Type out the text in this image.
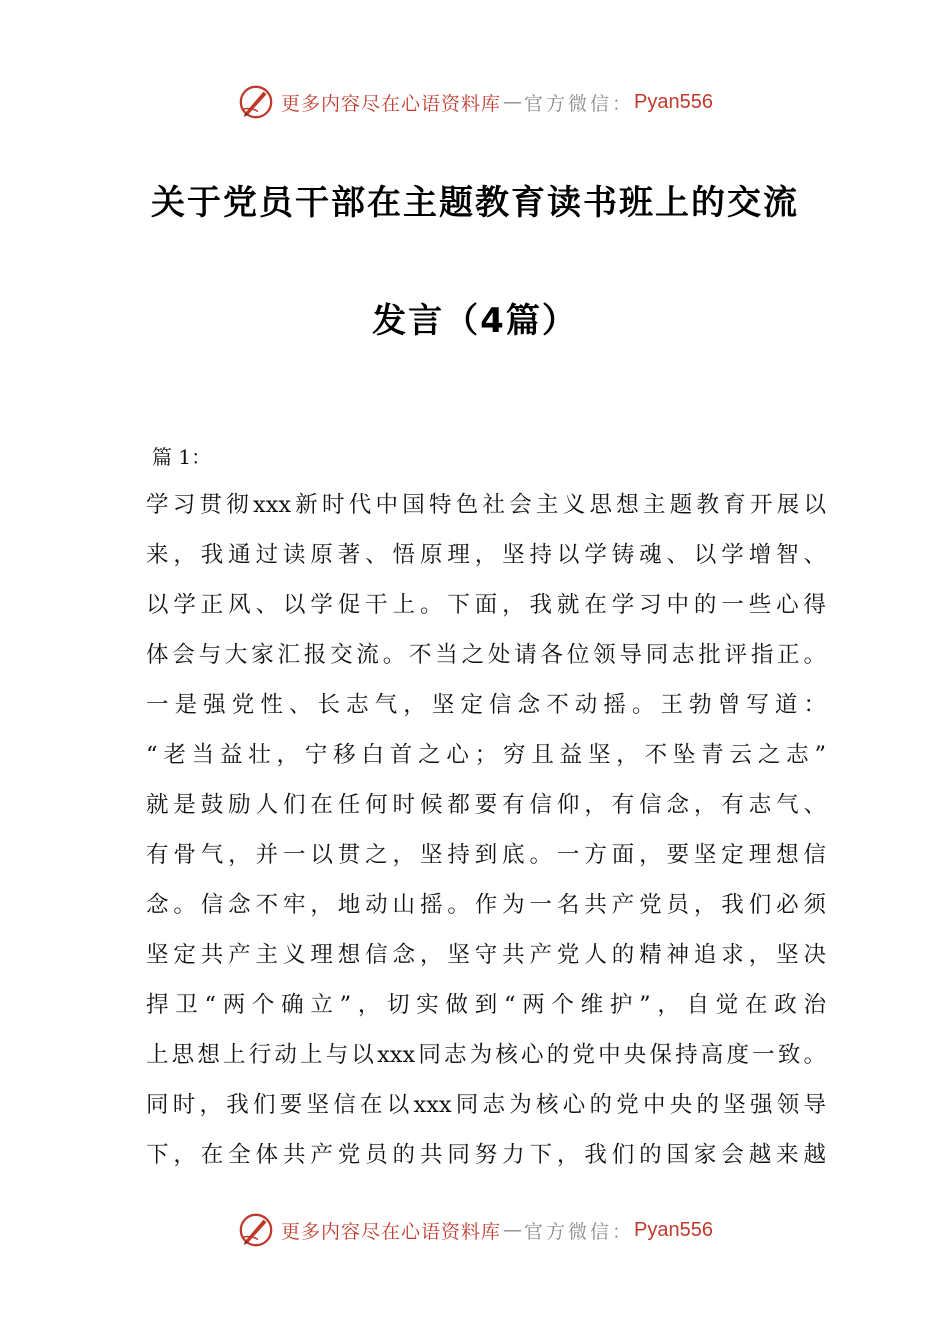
更多内容尽在心语资料库 — 官方微信： Pyan556
关于党员干部在主题教育读书班上的交流
发言（4篇）
篇 1：
学习贯彻xxx新时代中国特色社会主义思想主题教育开展以
来，我通过读原著、悟原理，坚持以学铸魂、以学增智、
以学正风、以学促干上。下面，我就在学习中的一些心得
体会与大家汇报交流。不当之处请各位领导同志批评指正。
一是强党性、长志气，坚定信念不动摇。王勃曾写道：
“老当益壮，宁移白首之心；穷且益坚，不坠青云之志”
就是鼓励人们在任何时候都要有信仰，有信念，有志气、
有骨气，并一以贯之，坚持到底。一方面，要坚定理想信
念。信念不牢，地动山摇。作为一名共产党员，我们必须
坚定共产主义理想信念，坚守共产党人的精神追求，坚决
捍卫“两个确立”，切实做到“两个维护”，自觉在政治
上思想上行动上与以xxx同志为核心的党中央保持高度一致。
同时，我们要坚信在以xxx同志为核心的党中央的坚强领导
下，在全体共产党员的共同努力下，我们的国家会越来越
更多内容尽在心语资料库 — 官方微信： Pyan556
